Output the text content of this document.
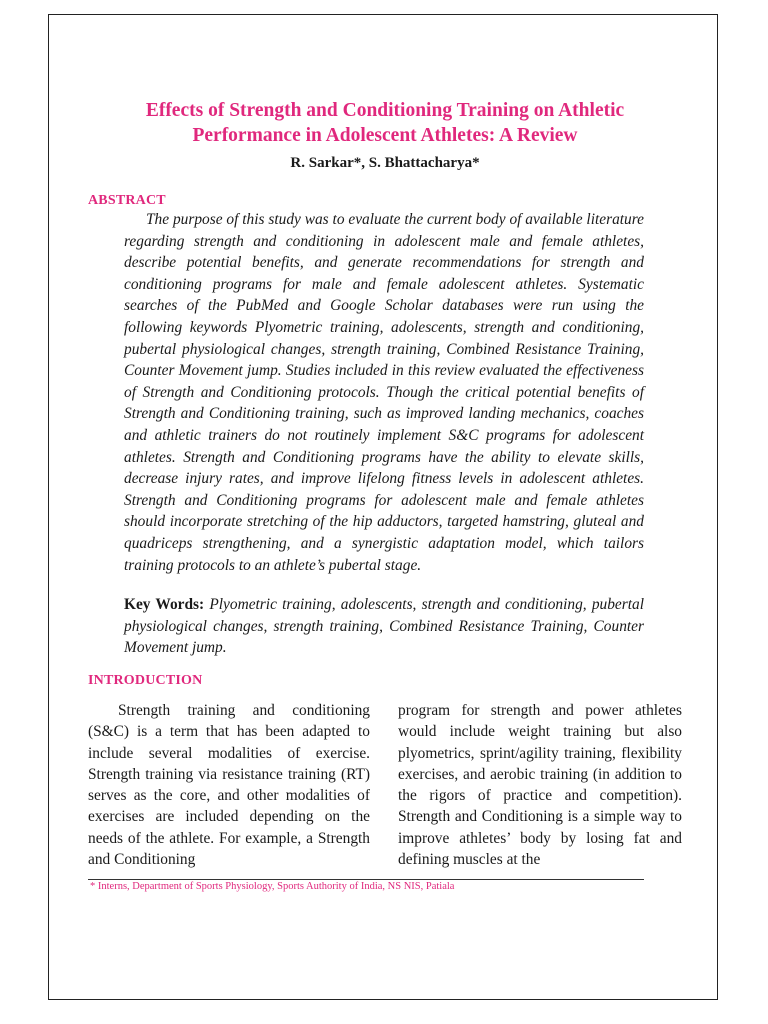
Effects of Strength and Conditioning Training on Athletic
Performance in Adolescent Athletes: A Review
R. Sarkar*, S. Bhattacharya*
ABSTRACT

The purpose of this study was to evaluate the current body of available literature regarding strength and conditioning in adolescent male and female athletes, describe potential benefits, and generate recommendations for strength and conditioning programs for male and female adolescent athletes. Systematic searches of the PubMed and Google Scholar databases were run using the following keywords Plyometric training, adolescents, strength and conditioning, pubertal physiological changes, strength training, Combined Resistance Training, Counter Movement jump. Studies included in this review evaluated the effectiveness of Strength and Conditioning protocols. Though the critical potential benefits of Strength and Conditioning training, such as improved landing mechanics, coaches and athletic trainers do not routinely implement S&C programs for adolescent athletes. Strength and Conditioning programs have the ability to elevate skills, decrease injury rates, and improve lifelong fitness levels in adolescent athletes. Strength and Conditioning programs for adolescent male and female athletes should incorporate stretching of the hip adductors, targeted hamstring, gluteal and quadriceps strengthening, and a synergistic adaptation model, which tailors training protocols to an athlete’s pubertal stage.

Key Words: Plyometric training, adolescents, strength and conditioning, pubertal physiological changes, strength training, Combined Resistance Training, Counter Movement jump.

INTRODUCTION

Strength training and conditioning (S&C) is a term that has been adapted to include several modalities of exercise. Strength training via resistance training (RT) serves as the core, and other modalities of exercises are included depending on the needs of the athlete. For example, a Strength and Conditioning

program for strength and power athletes would include weight training but also plyometrics, sprint/agility training, flexibility exercises, and aerobic training (in addition to the rigors of practice and competition). Strength and Conditioning is a simple way to improve athletes’ body by losing fat and defining muscles at the

* Interns, Department of Sports Physiology, Sports Authority of India, NS NIS, Patiala
